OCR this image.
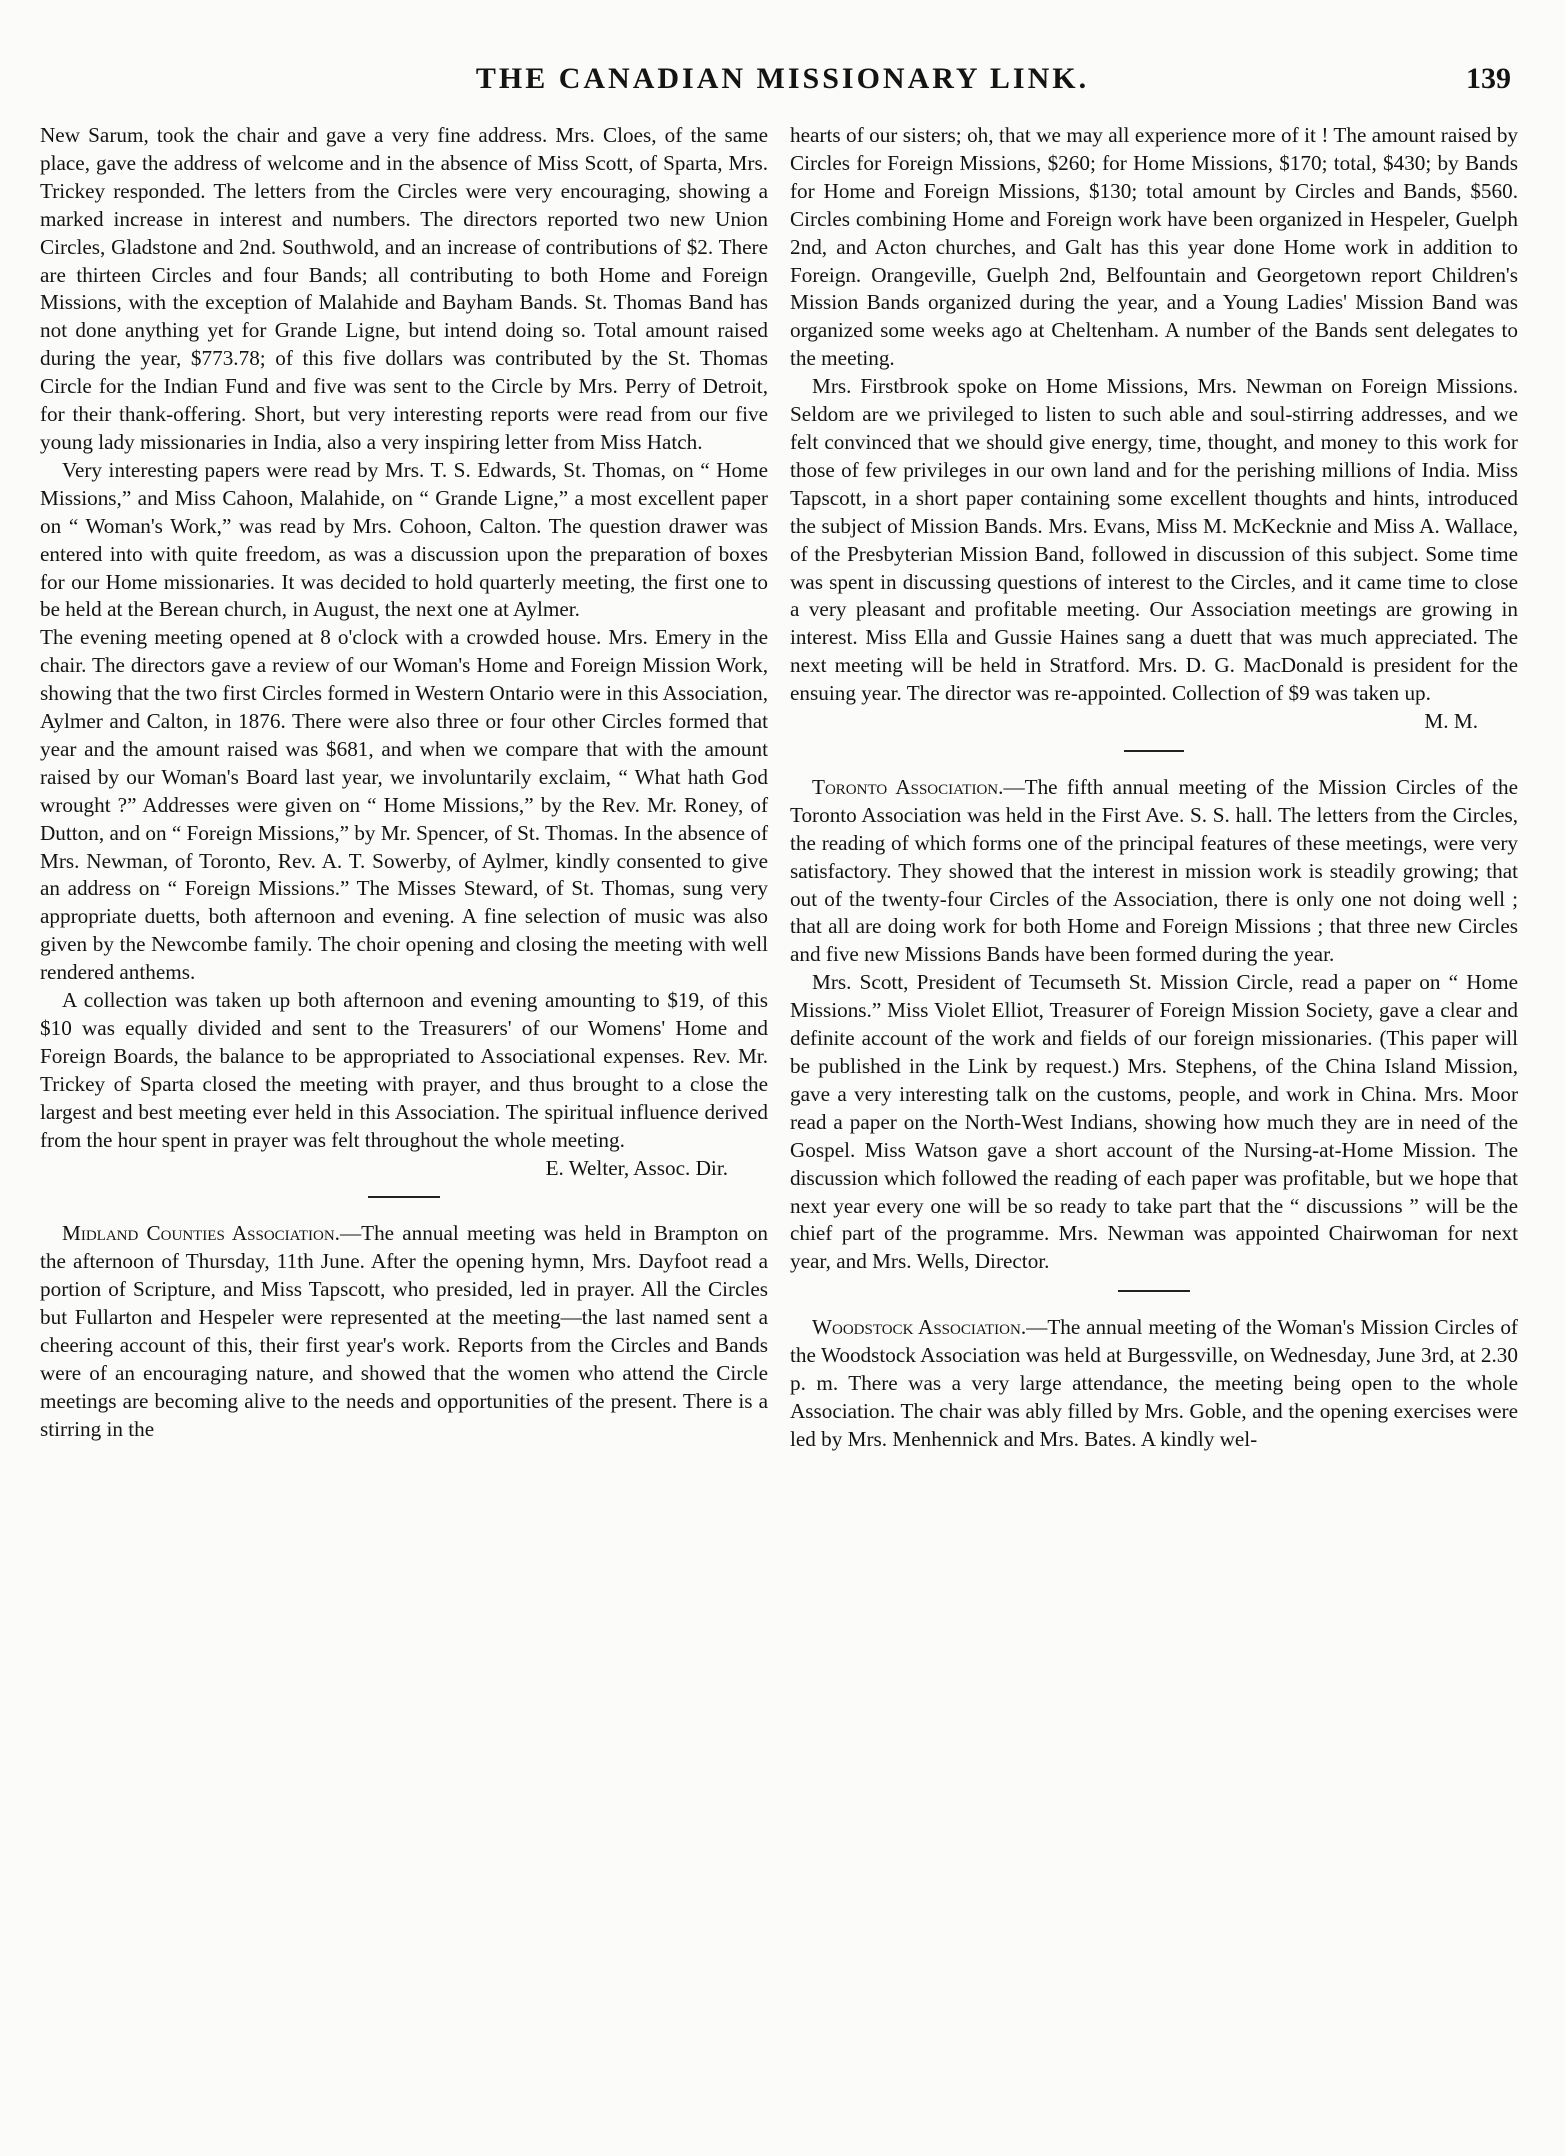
THE CANADIAN MISSIONARY LINK.	139

New Sarum, took the chair and gave a very fine address. Mrs. Cloes, of the same place, gave the address of welcome and in the absence of Miss Scott, of Sparta, Mrs. Trickey responded. The letters from the Circles were very encouraging, showing a marked increase in interest and numbers. The directors reported two new Union Circles, Gladstone and 2nd. Southwold, and an increase of contributions of $2. There are thirteen Circles and four Bands; all contributing to both Home and Foreign Missions, with the exception of Malahide and Bayham Bands. St. Thomas Band has not done anything yet for Grande Ligne, but intend doing so. Total amount raised during the year, $773.78; of this five dollars was contributed by the St. Thomas Circle for the Indian Fund and five was sent to the Circle by Mrs. Perry of Detroit, for their thank-offering. Short, but very interesting reports were read from our five young lady missionaries in India, also a very inspiring letter from Miss Hatch.

Very interesting papers were read by Mrs. T. S. Edwards, St. Thomas, on “ Home Missions,” and Miss Cahoon, Malahide, on “ Grande Ligne,” a most excellent paper on “ Woman's Work,” was read by Mrs. Cohoon, Calton. The question drawer was entered into with quite freedom, as was a discussion upon the preparation of boxes for our Home missionaries. It was decided to hold quarterly meeting, the first one to be held at the Berean church, in August, the next one at Aylmer.

The evening meeting opened at 8 o'clock with a crowded house. Mrs. Emery in the chair. The directors gave a review of our Woman's Home and Foreign Mission Work, showing that the two first Circles formed in Western Ontario were in this Association, Aylmer and Calton, in 1876. There were also three or four other Circles formed that year and the amount raised was $681, and when we compare that with the amount raised by our Woman's Board last year, we involuntarily exclaim, “ What hath God wrought ?” Addresses were given on “ Home Missions,” by the Rev. Mr. Roney, of Dutton, and on “ Foreign Missions,” by Mr. Spencer, of St. Thomas. In the absence of Mrs. Newman, of Toronto, Rev. A. T. Sowerby, of Aylmer, kindly consented to give an address on “ Foreign Missions.” The Misses Steward, of St. Thomas, sung very appropriate duetts, both afternoon and evening. A fine selection of music was also given by the Newcombe family. The choir opening and closing the meeting with well rendered anthems.

A collection was taken up both afternoon and evening amounting to $19, of this $10 was equally divided and sent to the Treasurers' of our Womens' Home and Foreign Boards, the balance to be appropriated to Associational expenses. Rev. Mr. Trickey of Sparta closed the meeting with prayer, and thus brought to a close the largest and best meeting ever held in this Association. The spiritual influence derived from the hour spent in prayer was felt throughout the whole meeting.

E. Welter, Assoc. Dir.

Midland Counties Association.—The annual meeting was held in Brampton on the afternoon of Thursday, 11th June. After the opening hymn, Mrs. Dayfoot read a portion of Scripture, and Miss Tapscott, who presided, led in prayer. All the Circles but Fullarton and Hespeler were represented at the meeting—the last named sent a cheering account of this, their first year's work. Reports from the Circles and Bands were of an encouraging nature, and showed that the women who attend the Circle meetings are becoming alive to the needs and opportunities of the present. There is a stirring in the

hearts of our sisters; oh, that we may all experience more of it ! The amount raised by Circles for Foreign Missions, $260; for Home Missions, $170; total, $430; by Bands for Home and Foreign Missions, $130; total amount by Circles and Bands, $560. Circles combining Home and Foreign work have been organized in Hespeler, Guelph 2nd, and Acton churches, and Galt has this year done Home work in addition to Foreign. Orangeville, Guelph 2nd, Belfountain and Georgetown report Children's Mission Bands organized during the year, and a Young Ladies' Mission Band was organized some weeks ago at Cheltenham. A number of the Bands sent delegates to the meeting.

Mrs. Firstbrook spoke on Home Missions, Mrs. Newman on Foreign Missions. Seldom are we privileged to listen to such able and soul-stirring addresses, and we felt convinced that we should give energy, time, thought, and money to this work for those of few privileges in our own land and for the perishing millions of India. Miss Tapscott, in a short paper containing some excellent thoughts and hints, introduced the subject of Mission Bands. Mrs. Evans, Miss M. McKecknie and Miss A. Wallace, of the Presbyterian Mission Band, followed in discussion of this subject. Some time was spent in discussing questions of interest to the Circles, and it came time to close a very pleasant and profitable meeting. Our Association meetings are growing in interest. Miss Ella and Gussie Haines sang a duett that was much appreciated. The next meeting will be held in Stratford. Mrs. D. G. MacDonald is president for the ensuing year. The director was re-appointed. Collection of $9 was taken up.

M. M.

Toronto Association.—The fifth annual meeting of the Mission Circles of the Toronto Association was held in the First Ave. S. S. hall. The letters from the Circles, the reading of which forms one of the principal features of these meetings, were very satisfactory. They showed that the interest in mission work is steadily growing; that out of the twenty-four Circles of the Association, there is only one not doing well ; that all are doing work for both Home and Foreign Missions ; that three new Circles and five new Missions Bands have been formed during the year.

Mrs. Scott, President of Tecumseth St. Mission Circle, read a paper on “ Home Missions.” Miss Violet Elliot, Treasurer of Foreign Mission Society, gave a clear and definite account of the work and fields of our foreign missionaries. (This paper will be published in the Link by request.) Mrs. Stephens, of the China Island Mission, gave a very interesting talk on the customs, people, and work in China. Mrs. Moor read a paper on the North-West Indians, showing how much they are in need of the Gospel. Miss Watson gave a short account of the Nursing-at-Home Mission. The discussion which followed the reading of each paper was profitable, but we hope that next year every one will be so ready to take part that the “ discussions ” will be the chief part of the programme. Mrs. Newman was appointed Chairwoman for next year, and Mrs. Wells, Director.

Woodstock Association.—The annual meeting of the Woman's Mission Circles of the Woodstock Association was held at Burgessville, on Wednesday, June 3rd, at 2.30 p. m. There was a very large attendance, the meeting being open to the whole Association. The chair was ably filled by Mrs. Goble, and the opening exercises were led by Mrs. Menhennick and Mrs. Bates. A kindly wel-
